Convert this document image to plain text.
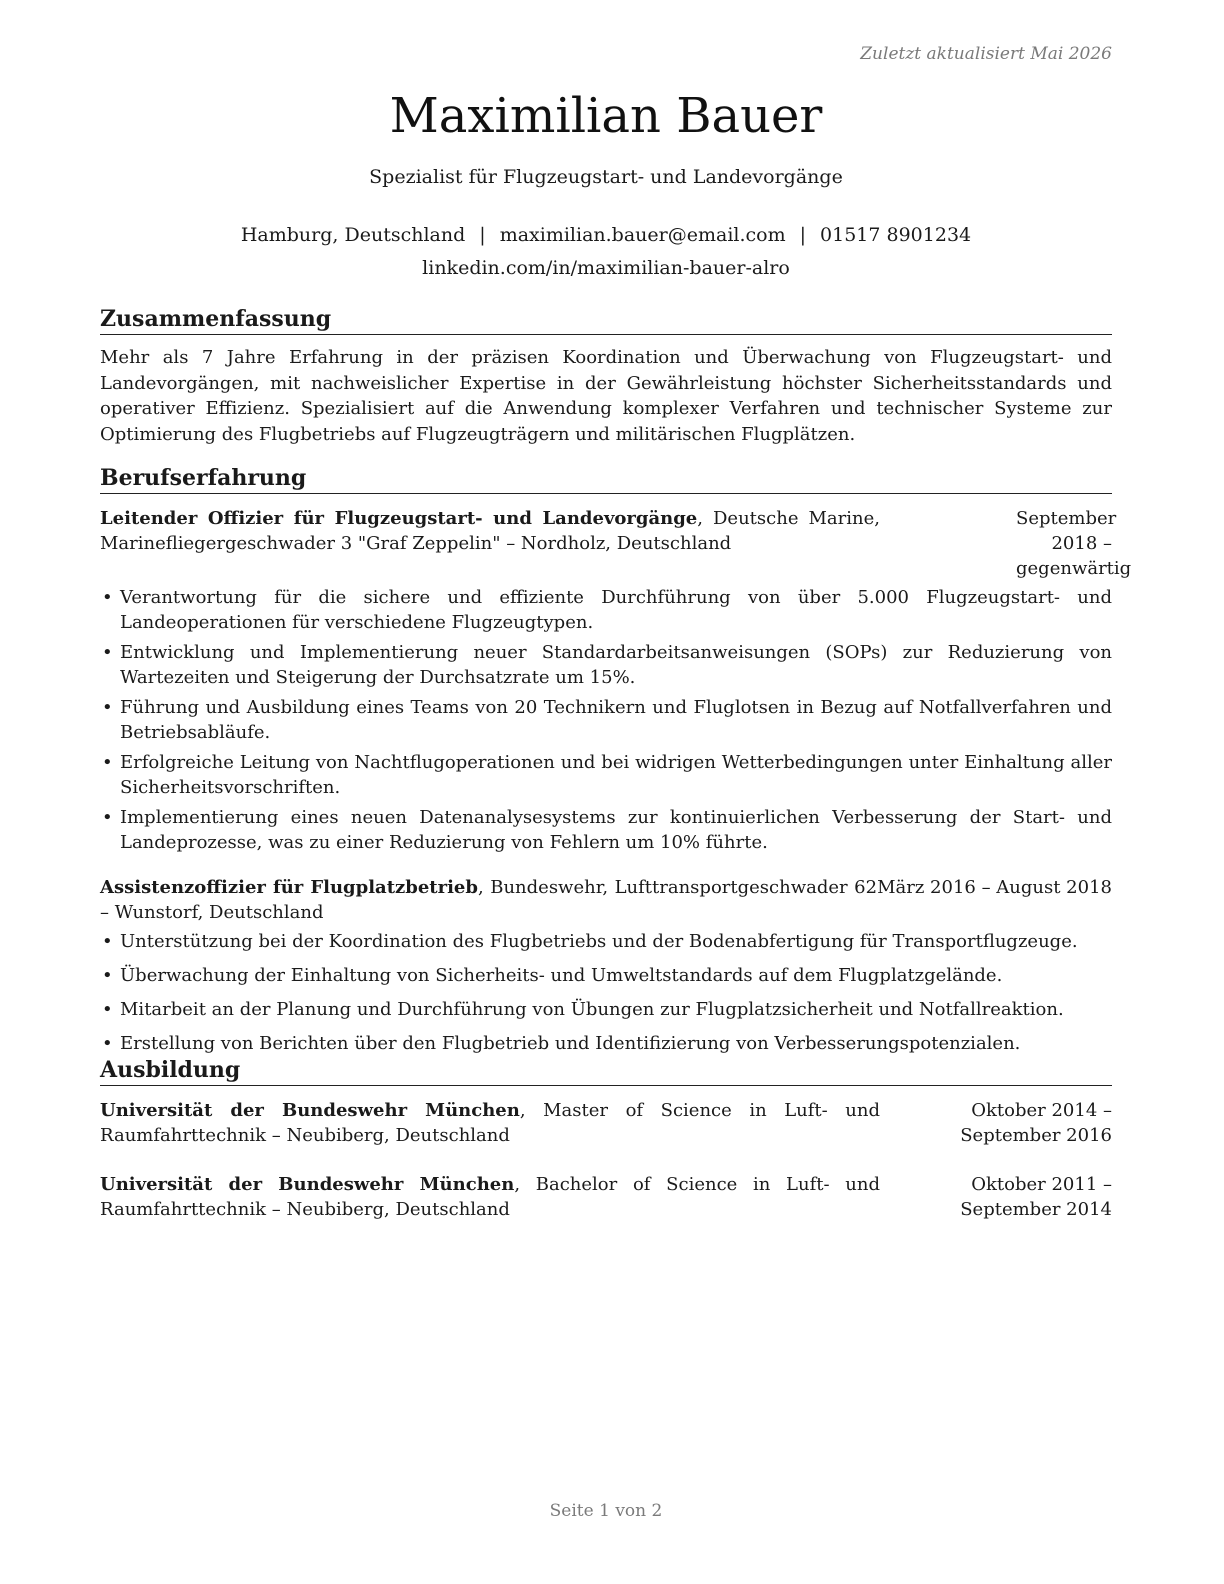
Zuletzt aktualisiert Mai 2026
Maximilian Bauer
Spezialist für Flugzeugstart- und Landevorgänge
Hamburg, Deutschland | maximilian.bauer@email.com | 01517 8901234
linkedin.com/in/maximilian-bauer-alro
Zusammenfassung
Mehr als 7 Jahre Erfahrung in der präzisen Koordination und Überwachung von Flugzeugstart- und Landevorgängen, mit nachweislicher Expertise in der Gewährleistung höchster Sicherheitsstandards und operativer Effizienz. Spezialisiert auf die Anwendung komplexer Verfahren und technischer Systeme zur Optimierung des Flugbetriebs auf Flugzeugträgern und militärischen Flugplätzen.
Berufserfahrung
Leitender Offizier für Flugzeugstart- und Landevorgänge, Deutsche Marine, Marinefliegergeschwader 3 "Graf Zeppelin" – Nordholz, Deutschland
September 2018 – gegenwärtig
• Verantwortung für die sichere und effiziente Durchführung von über 5.000 Flugzeugstart- und Landeoperationen für verschiedene Flugzeugtypen.
• Entwicklung und Implementierung neuer Standardarbeitsanweisungen (SOPs) zur Reduzierung von Wartezeiten und Steigerung der Durchsatzrate um 15%.
• Führung und Ausbildung eines Teams von 20 Technikern und Fluglotsen in Bezug auf Notfallverfahren und Betriebsabläufe.
• Erfolgreiche Leitung von Nachtflugoperationen und bei widrigen Wetterbedingungen unter Einhaltung aller Sicherheitsvorschriften.
• Implementierung eines neuen Datenanalysesystems zur kontinuierlichen Verbesserung der Start- und Landeprozesse, was zu einer Reduzierung von Fehlern um 10% führte.
Assistenzoffizier für Flugplatzbetrieb, Bundeswehr, Lufttransportgeschwader 62 – Wunstorf, Deutschland
März 2016 – August 2018
• Unterstützung bei der Koordination des Flugbetriebs und der Bodenabfertigung für Transportflugzeuge.
• Überwachung der Einhaltung von Sicherheits- und Umweltstandards auf dem Flugplatzgelände.
• Mitarbeit an der Planung und Durchführung von Übungen zur Flugplatzsicherheit und Notfallreaktion.
• Erstellung von Berichten über den Flugbetrieb und Identifizierung von Verbesserungspotenzialen.
Ausbildung
Universität der Bundeswehr München, Master of Science in Luft- und Raumfahrttechnik – Neubiberg, Deutschland
Oktober 2014 – September 2016
Universität der Bundeswehr München, Bachelor of Science in Luft- und Raumfahrttechnik – Neubiberg, Deutschland
Oktober 2011 – September 2014
Seite 1 von 2
